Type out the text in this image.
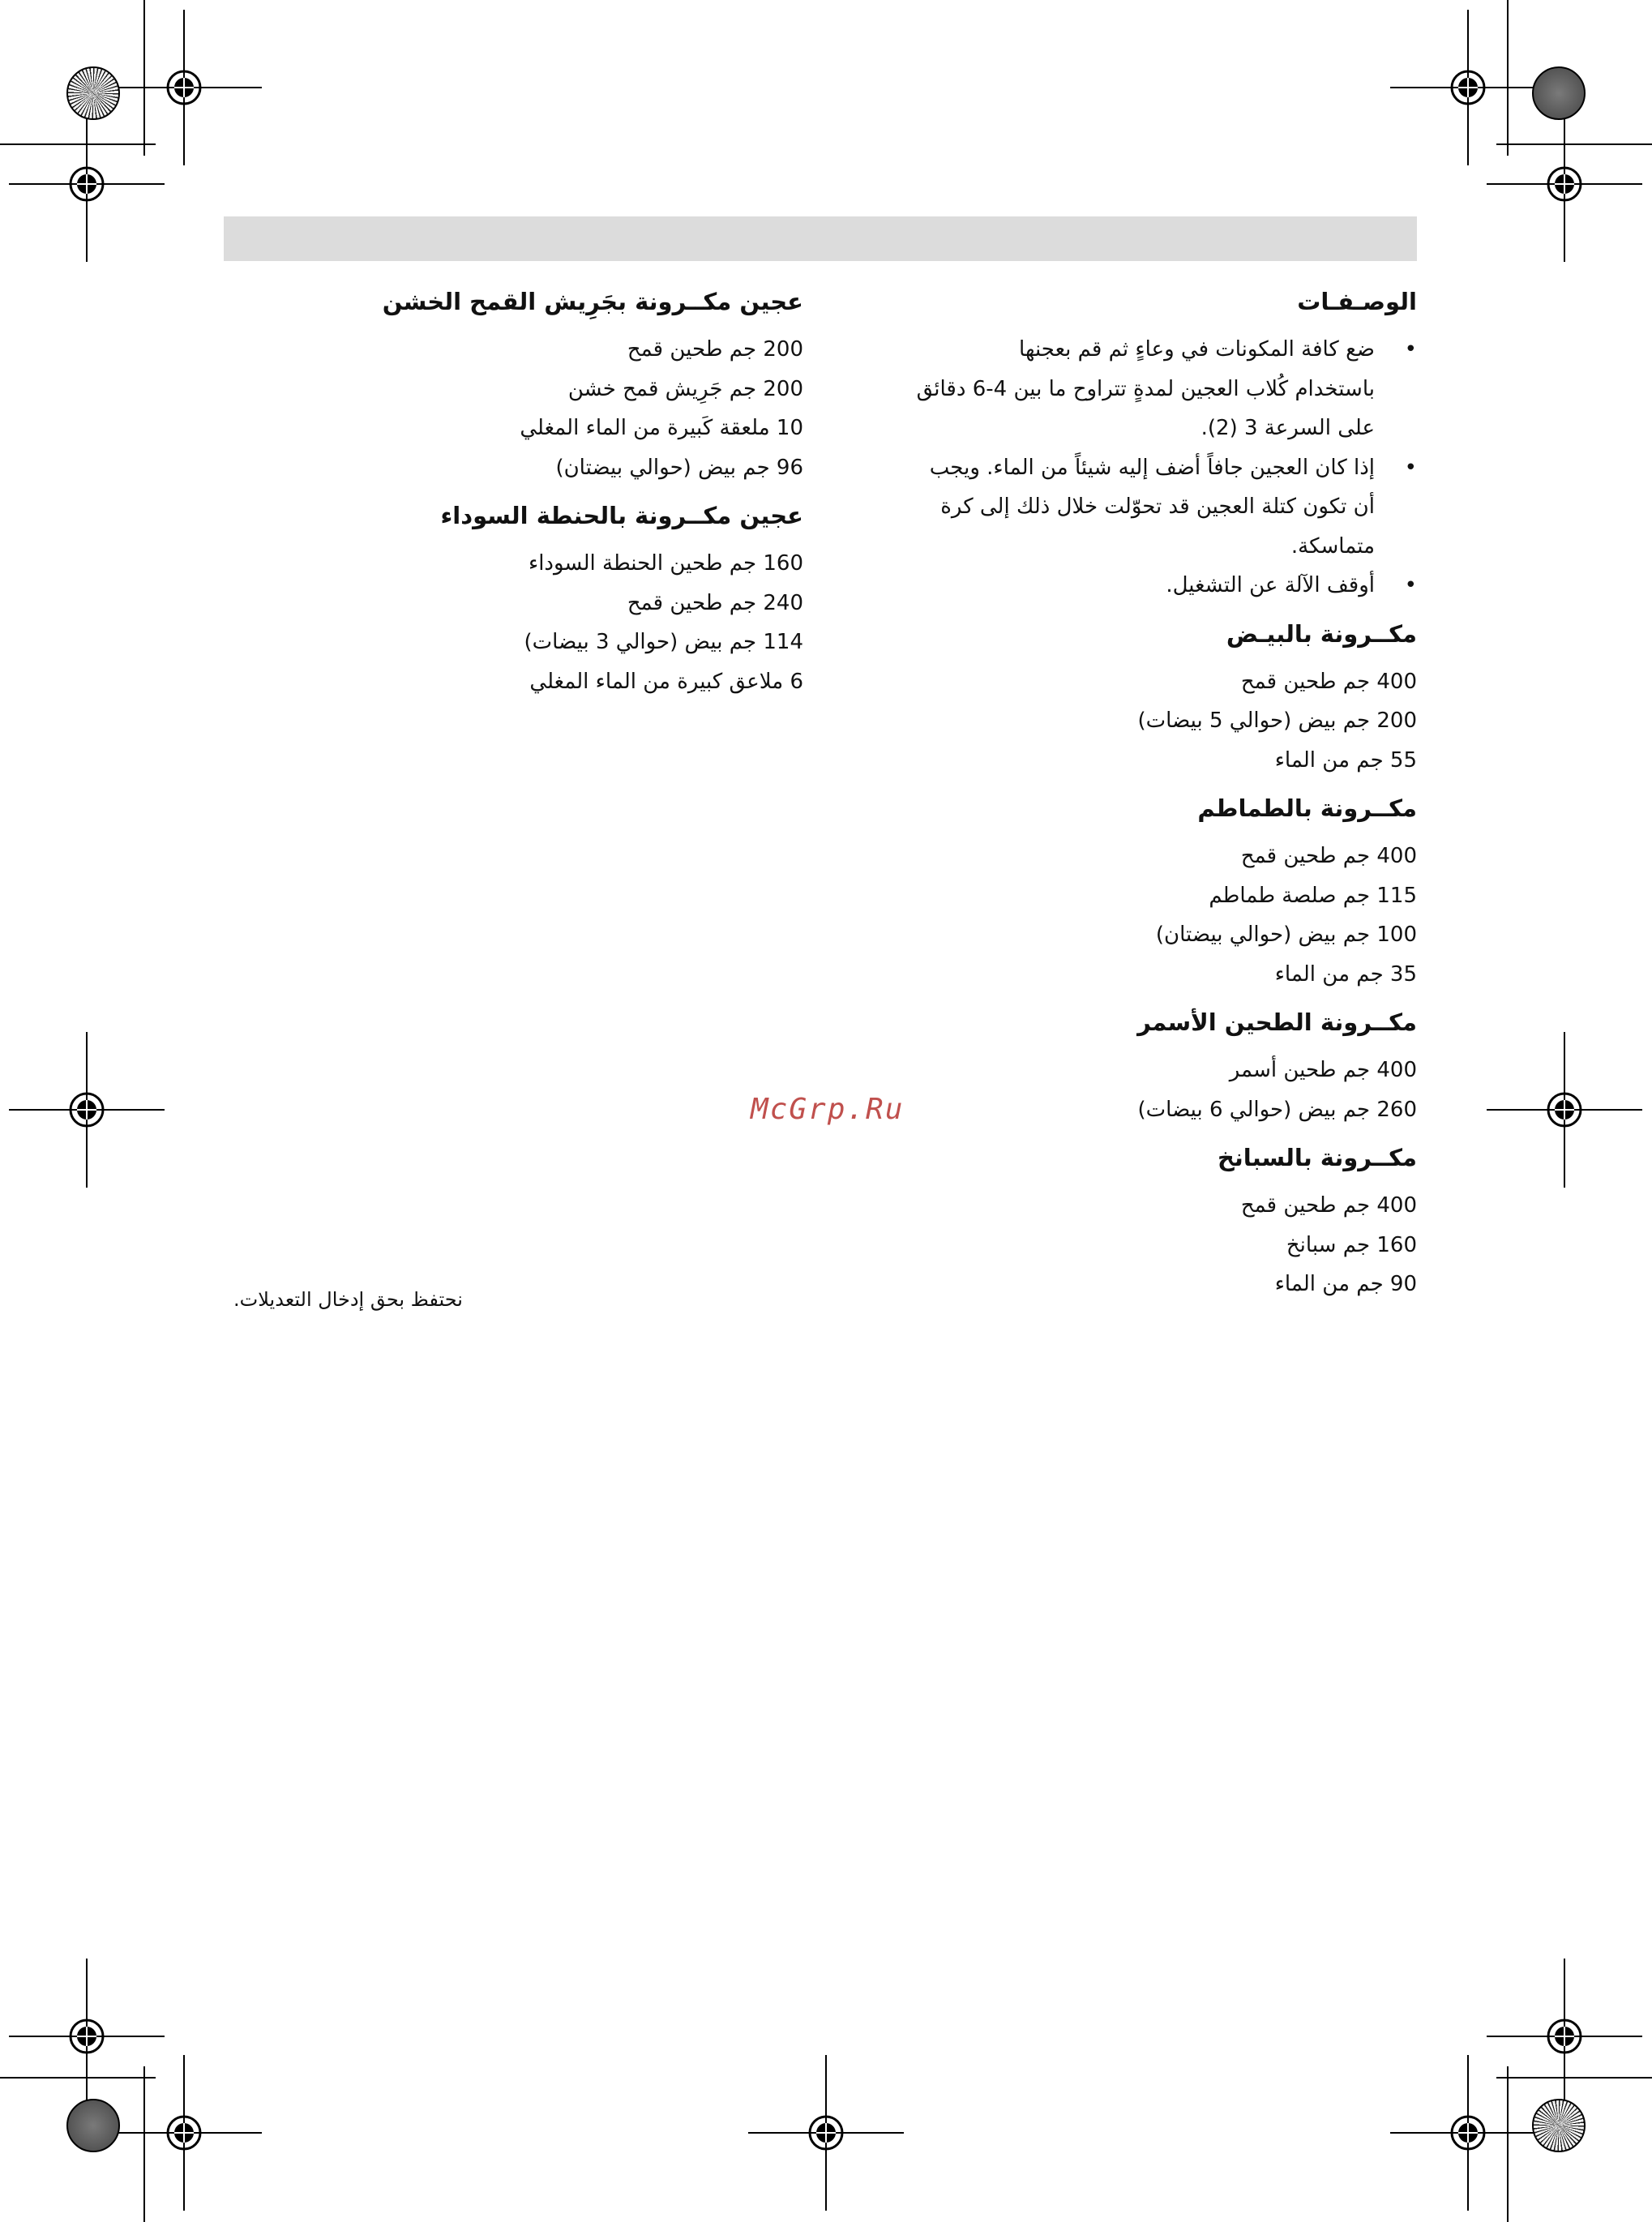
الوصـفـات
•
ضع كافة المكونات في وعاءٍ ثم قم بعجنها
باستخدام كُلاب العجين لمدةٍ تتراوح ما بين 4-6 دقائق
على السرعة 3 (2).
•
إذا كان العجين جافاً أضف إليه شيئاً من الماء. ويجب
أن تكون كتلة العجين قد تحوّلت خلال ذلك إلى كرة
متماسكة.
•
أوقف الآلة عن التشغيل.
مكــرونة بالبيـض
400 جم طحين قمح
200 جم بيض (حوالي 5 بيضات)
55 جم من الماء
مكــرونة بالطماطم
400 جم طحين قمح
115 جم صلصة طماطم
100 جم بيض (حوالي بيضتان)
35 جم من الماء
مكــرونة الطحين الأسمر
400 جم طحين أسمر
260 جم بيض (حوالي 6 بيضات)
مكــرونة بالسبانخ
400 جم طحين قمح
160 جم سبانخ
90 جم من الماء
عجين مكــرونة بجَرِيش القمح الخشن
200 جم طحين قمح
200 جم جَرِيش قمح خشن
10 ملعقة كَبيرة من الماء المغلي
96 جم بيض (حوالي بيضتان)
عجين مكــرونة بالحنطة السوداء
160 جم طحين الحنطة السوداء
240 جم طحين قمح
114 جم بيض (حوالي 3 بيضات)
6 ملاعق كبيرة من الماء المغلي
McGrp.Ru
نحتفظ بحق إدخال التعديلات.
